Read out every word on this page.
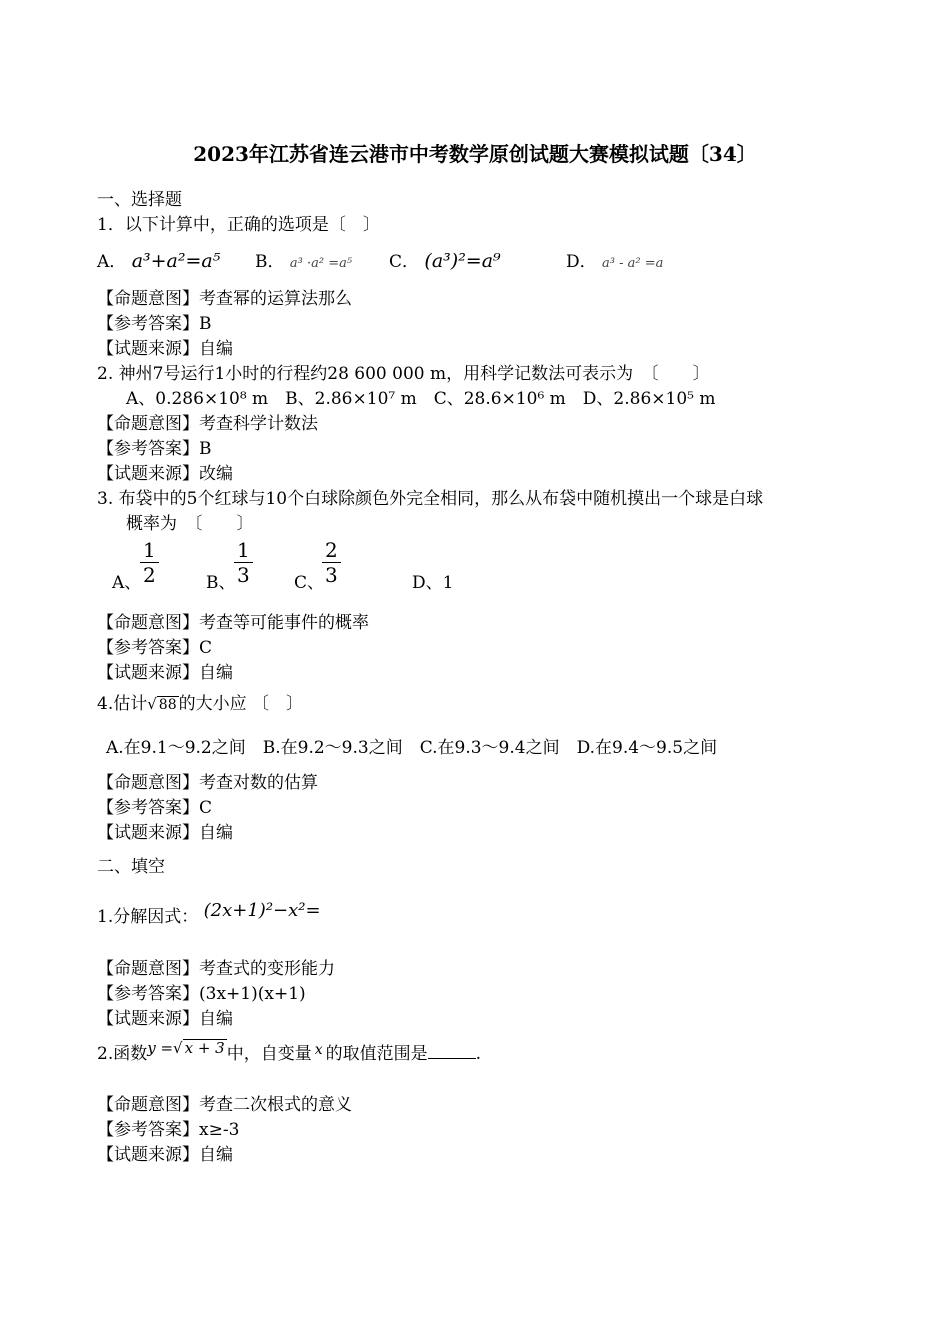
2023年江苏省连云港市中考数学原创试题大赛模拟试题〔34〕
一、选择题
1．以下计算中，正确的选项是〔　〕
A． a³+a²=a⁵ B． a³ ·a² =a⁵ C． (a³)²=a⁹	D． a³ - a² =a
【命题意图】考查幂的运算法那么
【参考答案】B
【试题来源】自编
2. 神州7号运行1小时的行程约28 600 000 m，用科学记数法可表示为　〔　　〕
A、0.286×10⁸ m　B、2.86×10⁷ m　C、28.6×10⁶ m　D、2.86×10⁵ m
【命题意图】考查科学计数法
【参考答案】B
【试题来源】改编
3. 布袋中的5个红球与10个白球除颜色外完全相同，那么从布袋中随机摸出一个球是白球
概率为　〔　　〕
A、
$\frac{1}{2}$	B、
$\frac{1}{3}$ C、
$\frac{2}{3}$	D、1
【命题意图】考查等可能事件的概率
【参考答案】C
【试题来源】自编
4.估计√ 88 的大小应 〔　〕
A.在9.1～9.2之间　B.在9.2～9.3之间　C.在9.3～9.4之间　D.在9.4～9.5之间
【命题意图】考查对数的估算
【参考答案】C
【试题来源】自编
二、填空
1.分解因式： (2x+1)²−x²=
【命题意图】考查式的变形能力
【参考答案】(3x+1)(x+1)
【试题来源】自编
2.函数y =√ x + 3 中，自变量 $^x$ 的取值范围是	.
【命题意图】考查二次根式的意义
【参考答案】x≥-3
【试题来源】自编
